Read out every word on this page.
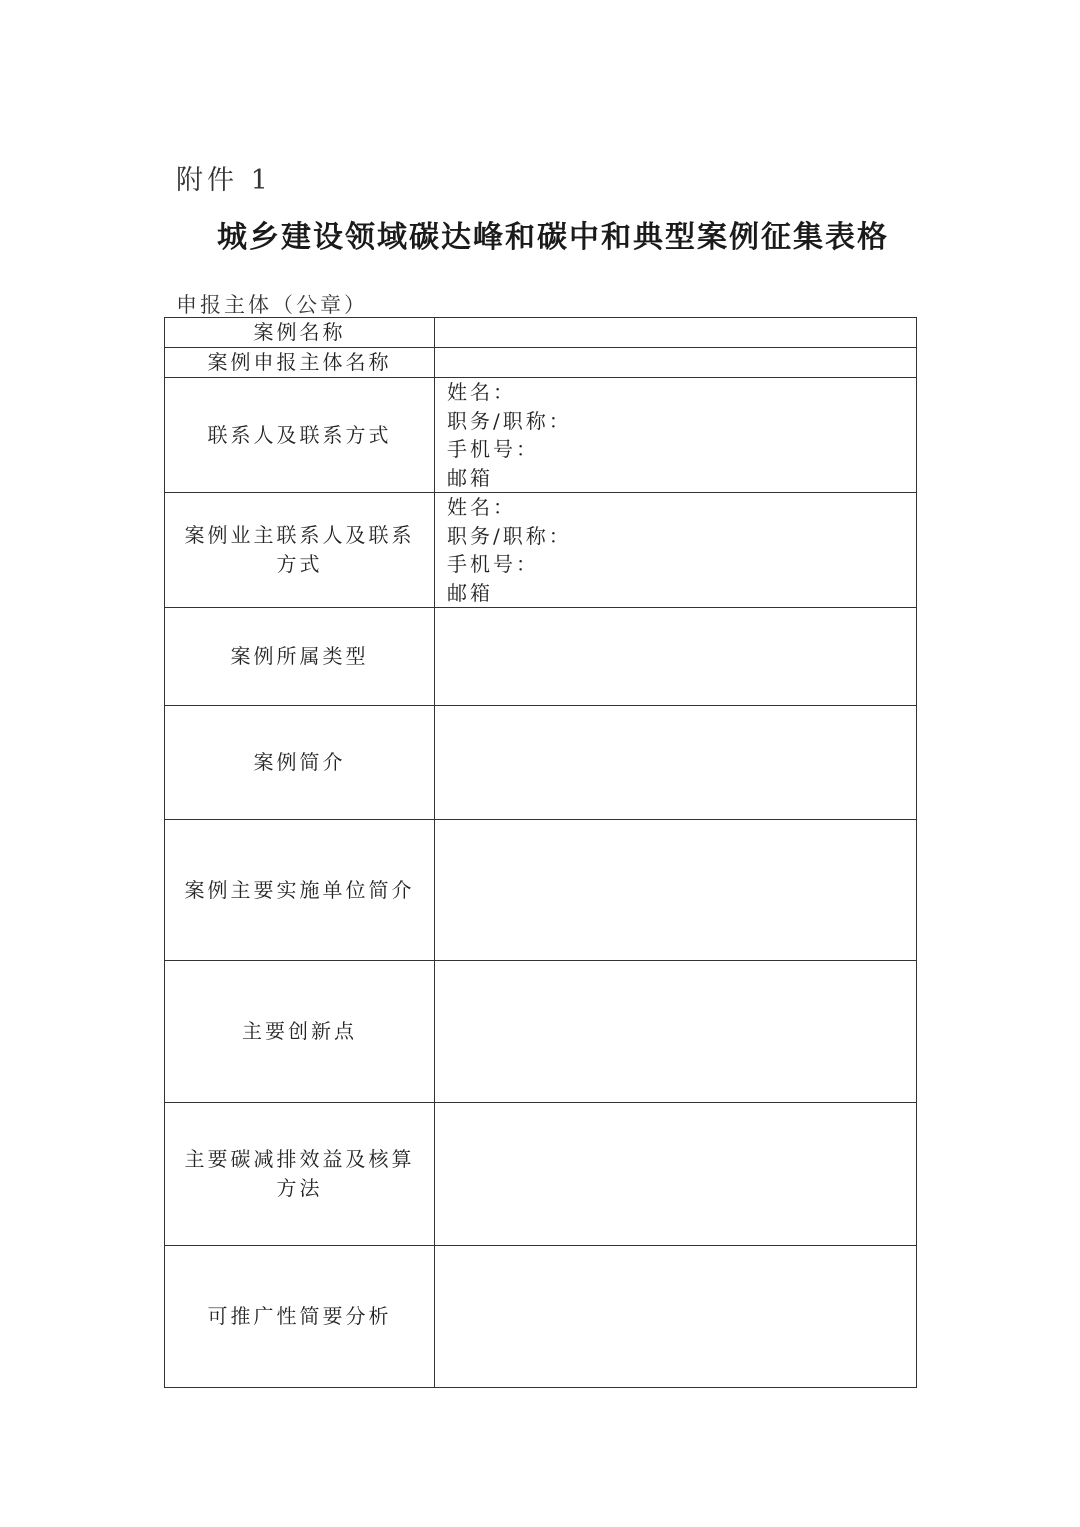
附件 1
城乡建设领域碳达峰和碳中和典型案例征集表格
申报主体（公章）
案例名称	
案例申报主体名称	
联系人及联系方式	姓名：
职务/职称：
手机号：
邮箱

案例业主联系人及联系方式	姓名：
职务/职称：
手机号：
邮箱

案例所属类型	
案例简介	
案例主要实施单位简介	
主要创新点	
主要碳减排效益及核算方法	
可推广性简要分析	
